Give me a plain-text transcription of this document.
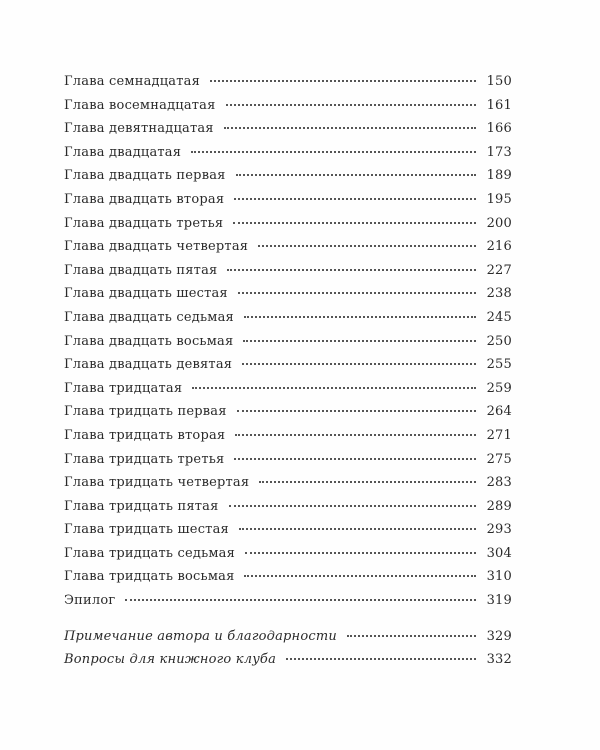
Глава семнадцатая	150
Глава восемнадцатая	161
Глава девятнадцатая	166
Глава двадцатая	173
Глава двадцать первая	189
Глава двадцать вторая	195
Глава двадцать третья	200
Глава двадцать четвертая	216
Глава двадцать пятая	227
Глава двадцать шестая	238
Глава двадцать седьмая	245
Глава двадцать восьмая	250
Глава двадцать девятая	255
Глава тридцатая	259
Глава тридцать первая	264
Глава тридцать вторая	271
Глава тридцать третья	275
Глава тридцать четвертая	283
Глава тридцать пятая	289
Глава тридцать шестая	293
Глава тридцать седьмая	304
Глава тридцать восьмая	310
Эпилог	319
Примечание автора и благодарности	329
Вопросы для книжного клуба	332
